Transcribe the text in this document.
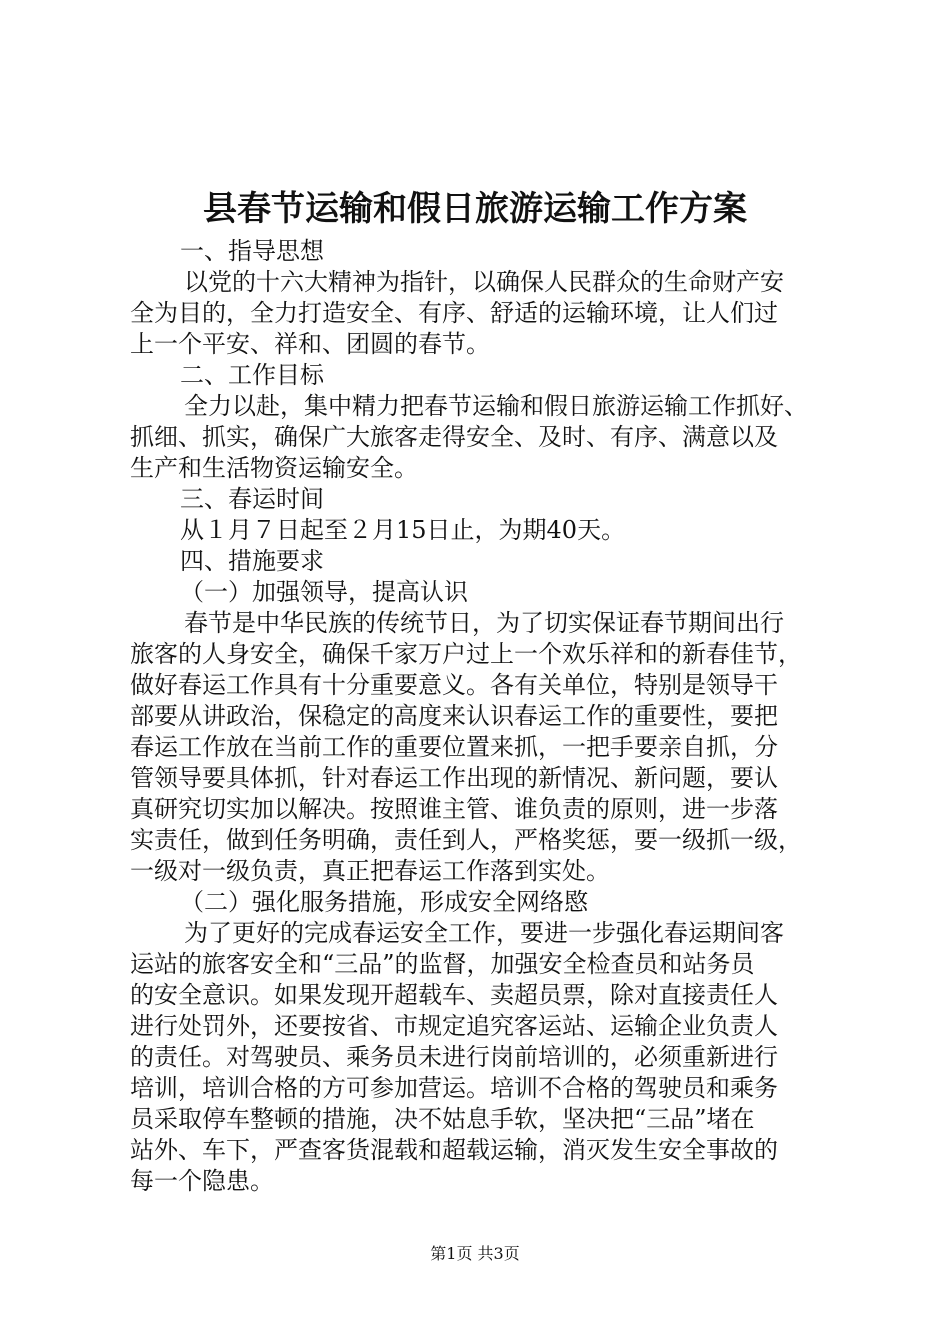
县春节运输和假日旅游运输工作方案
一、指导思想
以党的十六大精神为指针，以确保人民群众的生命财产安
全为目的，全力打造安全、有序、舒适的运输环境，让人们过
上一个平安、祥和、团圆的春节。
二、工作目标
全力以赴，集中精力把春节运输和假日旅游运输工作抓好、
抓细、抓实，确保广大旅客走得安全、及时、有序、满意以及
生产和生活物资运输安全。
三、春运时间
从１月７日起至２月15日止，为期40天。
四、措施要求
（一）加强领导，提高认识
春节是中华民族的传统节日，为了切实保证春节期间出行
旅客的人身安全，确保千家万户过上一个欢乐祥和的新春佳节，
做好春运工作具有十分重要意义。各有关单位，特别是领导干
部要从讲政治，保稳定的高度来认识春运工作的重要性，要把
春运工作放在当前工作的重要位置来抓，一把手要亲自抓，分
管领导要具体抓，针对春运工作出现的新情况、新问题，要认
真研究切实加以解决。按照谁主管、谁负责的原则，进一步落
实责任，做到任务明确，责任到人，严格奖惩，要一级抓一级，
一级对一级负责，真正把春运工作落到实处。
（二）强化服务措施，形成安全网络愍
为了更好的完成春运安全工作，要进一步强化春运期间客
运站的旅客安全和“三品”的监督，加强安全检查员和站务员
的安全意识。如果发现开超载车、卖超员票，除对直接责任人
进行处罚外，还要按省、市规定追究客运站、运输企业负责人
的责任。对驾驶员、乘务员未进行岗前培训的，必须重新进行
培训，培训合格的方可参加营运。培训不合格的驾驶员和乘务
员采取停车整顿的措施，决不姑息手软，坚决把“三品”堵在
站外、车下，严查客货混载和超载运输，消灭发生安全事故的
每一个隐患。
第1页 共3页
